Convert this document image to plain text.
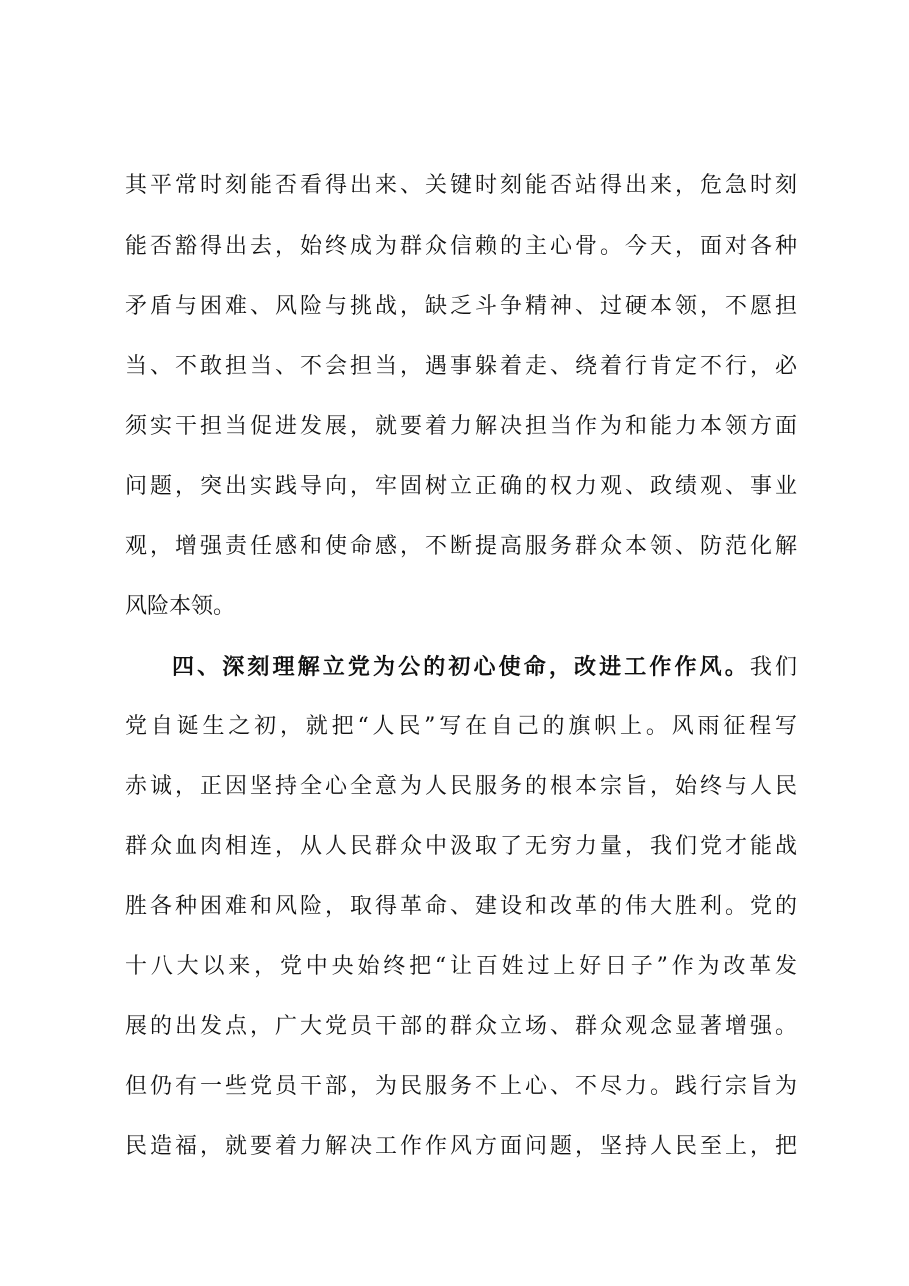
其平常时刻能否看得出来、关键时刻能否站得出来，危急时刻
能否豁得出去，始终成为群众信赖的主心骨。今天，面对各种
矛盾与困难、风险与挑战，缺乏斗争精神、过硬本领，不愿担
当、不敢担当、不会担当，遇事躲着走、绕着行肯定不行，必
须实干担当促进发展，就要着力解决担当作为和能力本领方面
问题，突出实践导向，牢固树立正确的权力观、政绩观、事业
观，增强责任感和使命感，不断提高服务群众本领、防范化解
风险本领。
四、深刻理解立党为公的初心使命，改进工作作风。我们
党自诞生之初，就把“人民”写在自己的旗帜上。风雨征程写
赤诚，正因坚持全心全意为人民服务的根本宗旨，始终与人民
群众血肉相连，从人民群众中汲取了无穷力量，我们党才能战
胜各种困难和风险，取得革命、建设和改革的伟大胜利。党的
十八大以来，党中央始终把“让百姓过上好日子”作为改革发
展的出发点，广大党员干部的群众立场、群众观念显著增强。
但仍有一些党员干部，为民服务不上心、不尽力。践行宗旨为
民造福，就要着力解决工作作风方面问题，坚持人民至上，把
